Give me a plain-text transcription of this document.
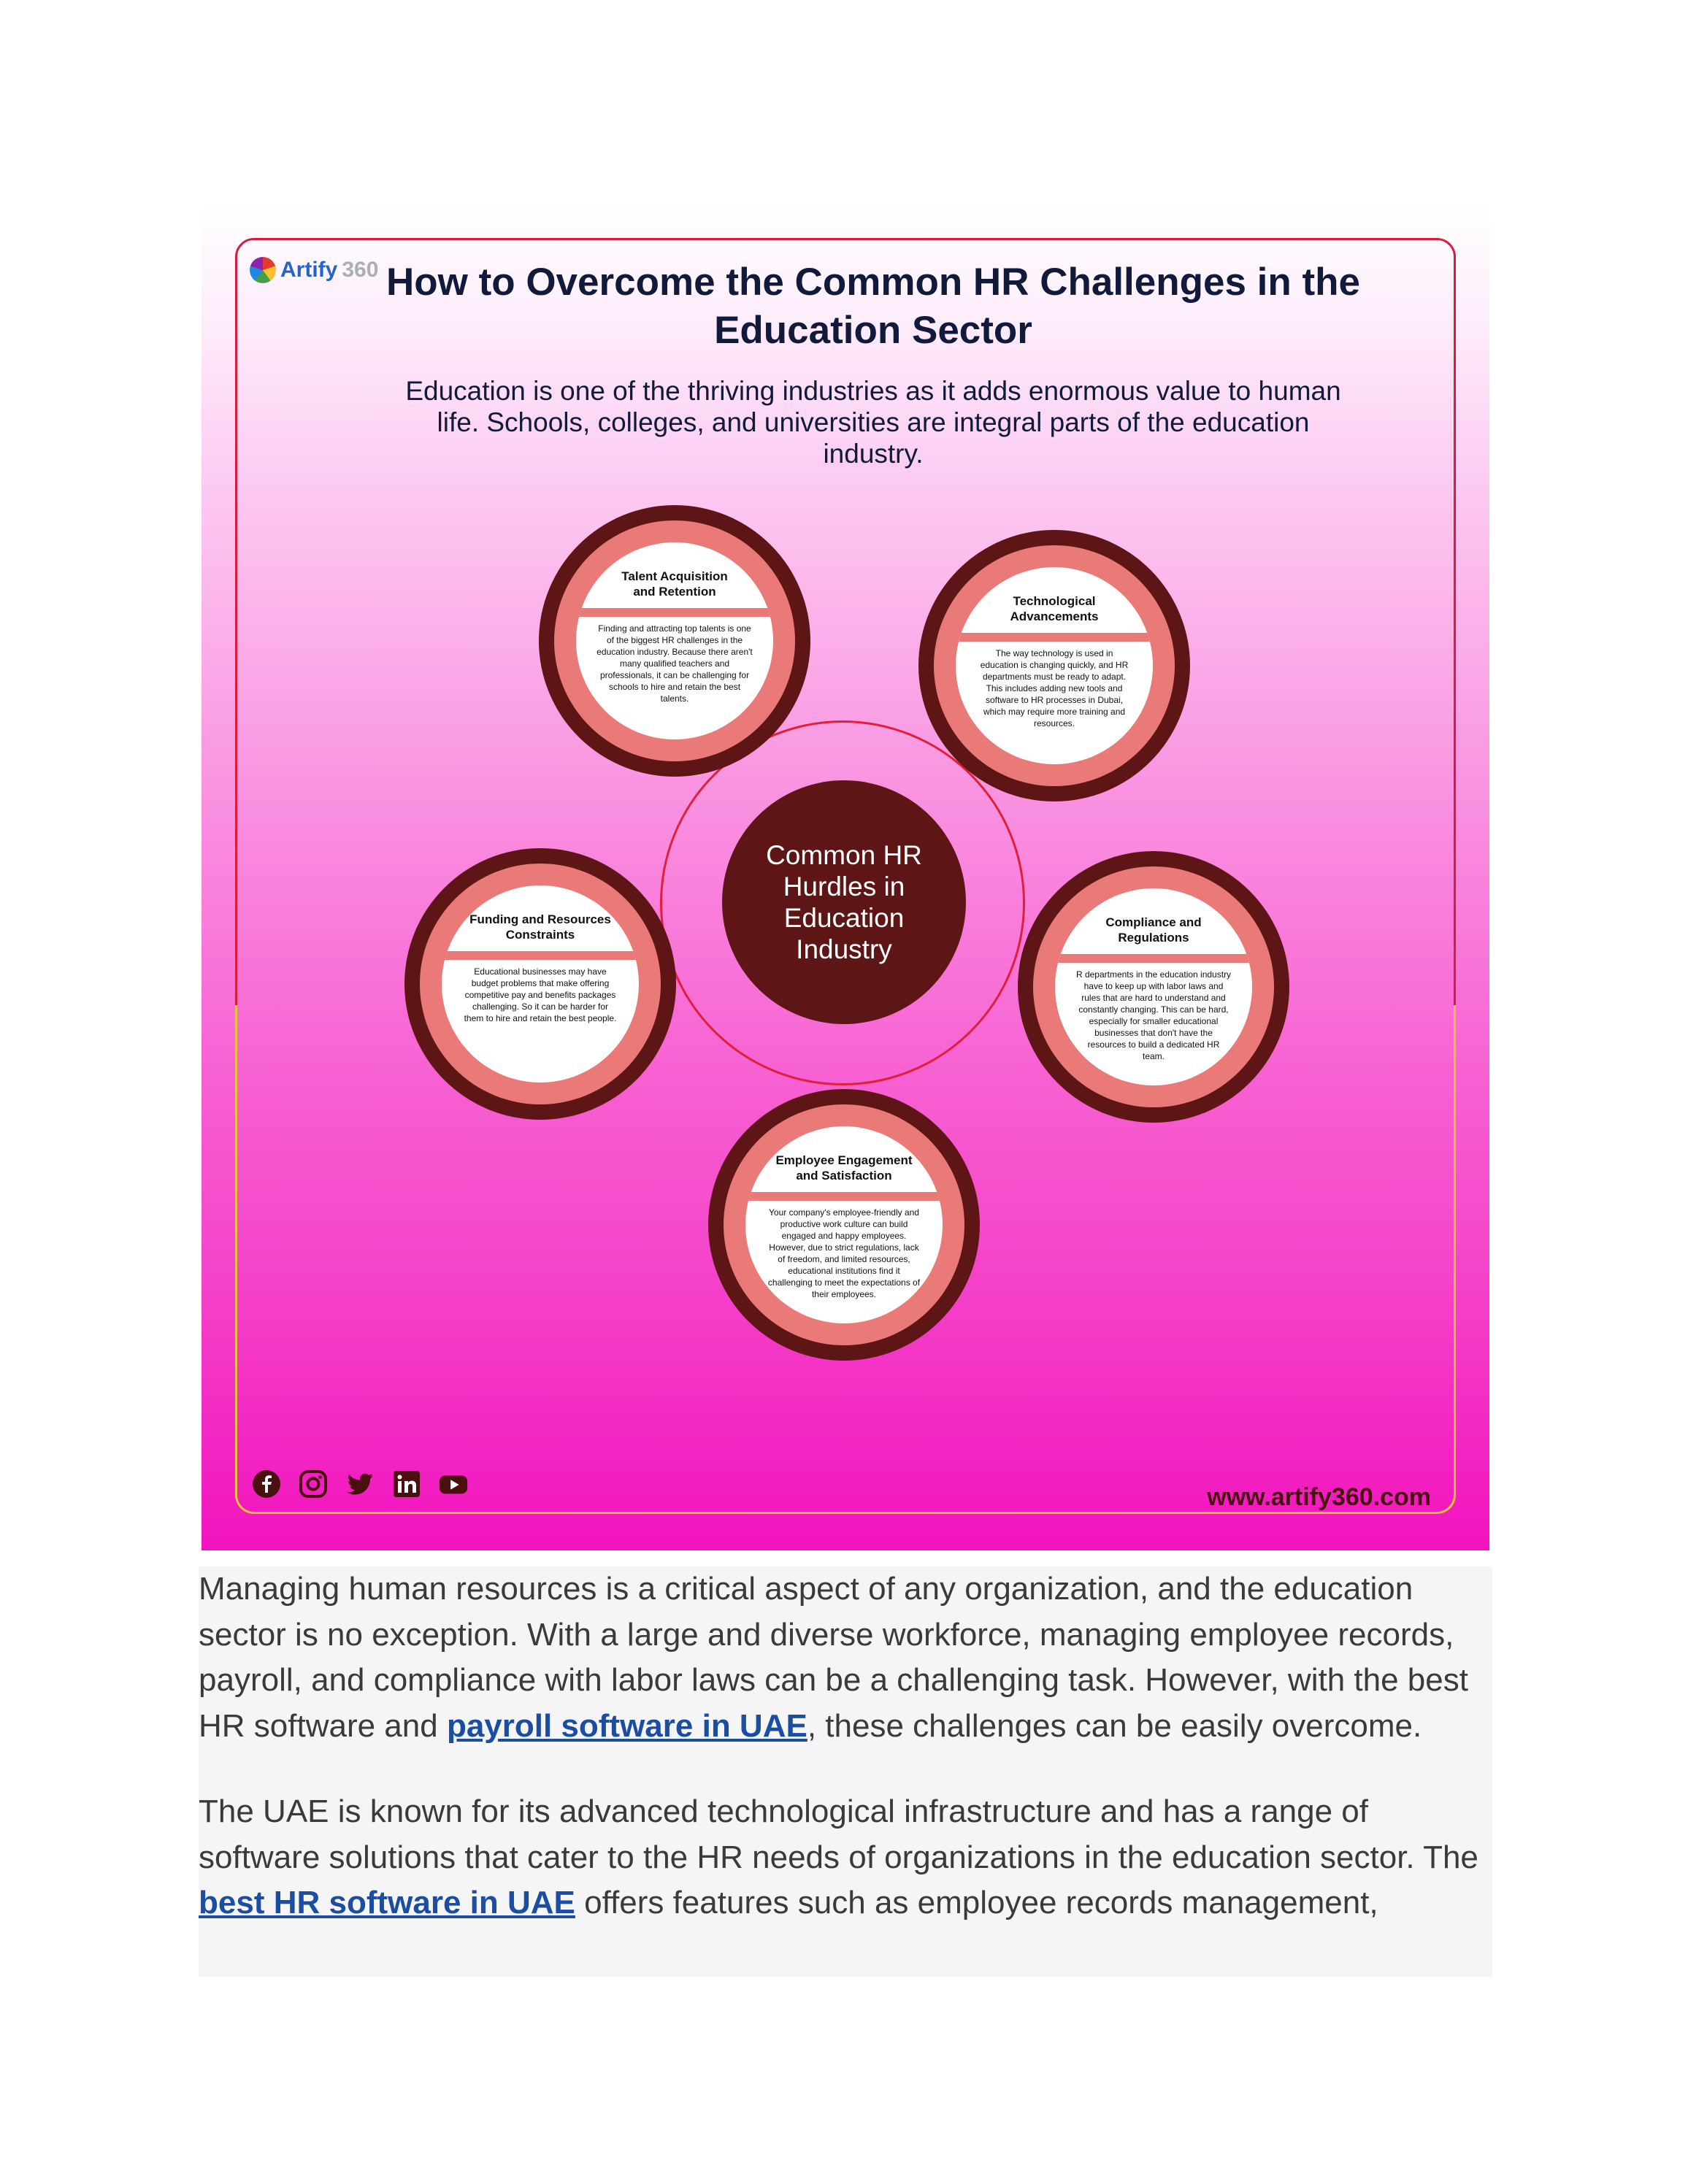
Artify 360 How to Overcome the Common HR Challenges in the Education Sector
Education is one of the thriving industries as it adds enormous value to human life. Schools, colleges, and universities are integral parts of the education industry.
Common HR
Hurdles in
Education
Industry
Talent Acquisition
and Retention
Finding and attracting top talents is one of the biggest HR challenges in the education industry. Because there aren't many qualified teachers and professionals, it can be challenging for schools to hire and retain the best talents.
Technological
Advancements
The way technology is used in education is changing quickly, and HR departments must be ready to adapt. This includes adding new tools and software to HR processes in Dubai, which may require more training and resources.
Funding and Resources
Constraints
Educational businesses may have budget problems that make offering competitive pay and benefits packages challenging. So it can be harder for them to hire and retain the best people.
Compliance and
Regulations
R departments in the education industry have to keep up with labor laws and rules that are hard to understand and constantly changing. This can be hard, especially for smaller educational businesses that don't have the resources to build a dedicated HR team.
Employee Engagement
and Satisfaction
Your company's employee-friendly and productive work culture can build engaged and happy employees. However, due to strict regulations, lack of freedom, and limited resources, educational institutions find it challenging to meet the expectations of their employees.
www.artify360.com

Managing human resources is a critical aspect of any organization, and the education sector is no exception. With a large and diverse workforce, managing employee records, payroll, and compliance with labor laws can be a challenging task. However, with the best HR software and payroll software in UAE, these challenges can be easily overcome.

The UAE is known for its advanced technological infrastructure and has a range of software solutions that cater to the HR needs of organizations in the education sector. The best HR software in UAE offers features such as employee records management,
